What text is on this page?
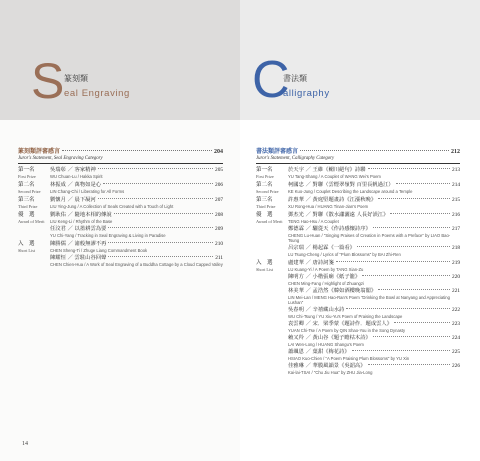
S 篆刻類
eal Engraving
篆刻類評審感言	204
Juror's Statement, Seal Engraving Category
第一名
First Prize
吳瑞彰 ／ 客家精神	205
WU Chuan-Lu / Hakka Spirit
第二名
Second Prize
林振成 ／ 萬物如是心	206
LIN Chang-Chi / Liberating for All Forms
第三名
Third Prize
劉懷月 ／ 晨下凝河	207
LIU Ying-Jung / A Collection of Seals Created with a Touch of Light
優　選
Award of Merit
劉耿佑 ／ 隨地本相的傳說	208
LIU Keng-Li / Rhythm of the Base
任汶君 ／ 以墨耕雲為要	209
YU Chi-Yang / Tracking in Seal Engraving & Living in Paradise
入　選
Short List
陳勝儒 ／ 諸般無謬不再	210
CHEN Sheng-Ti / Zhuge Liang Commandment Book
陳耀恒 ／ 雲駐山谷回聲	211
CHEN Chien-Hua / A Work of Seal Engraving of a Buddha Cottage by a Cloud Capped Valley
14
C
書法類
alligraphy
書法類評審感言	212
Juror's Statement, Calligraphy Category
第一名
First Prize
於天宇 ／ 王維《輞川絕句》詩聯	213
YU Tang-Shang / A Couplet of WANG Wei's Poem
第二名
Second Prize
柯國忠 ／ 對聯（雲煙翠嶺對 百里長帆過江）	214
KE Kuo-Jung / Couplet Describing the Landscape around a Temple
第三名
Third Prize
許惠華 ／ 黃庭堅題畫詩《江漲秋晚》	215
XU Rong-Hua / HUANG Tinan-Jian's Poem
優　選
Award of Merit
鄧杰光 ／ 對聯《散水瀟灑遠 人長好誤江》	216
TENG Hao-Hsu / A Couplet
鄭德霖 ／ 驪從天《作詩感懷詩序》	217
CHENG Lu-Huan / "Singing Praises of Creation in Poems with a Preface" by LIAO Bao-Tsung
呂宗瑞 ／ 楊起霖《一篇看》	218
LU Tsung-Cheng / Lyrics of "Plum Blossoms" by BAI Zhi-Ren
入　選
Short List
盧建華 ／ 唐詩詞箋	219
LU Kuang-Yi / A Poem by TANG Xian-Zu
陳明方 ／ 小楷張廟《紙子籠》	220
CHEN Ming-Fang / Highlight of Zhuangzi
林美華 ／ 孟浩然《韓如酒樓晚翁閣》	221
LIN Mei-Lan / MENG Hao-Ran's Poem "Drinking the Bowl at Nanyang and Appreciating Lushan"
吳春明 ／ 辛禧藏山水詩	222
WU Chi-Tsung / YU Xiu-Yu's Poem of Praising the Landscape
袁雲卿 ／ 宋．梁季蒙《題詩作．題成雲人》	223
YUAN Chi-Tse / A Poem by QIN Shao-You in the Song Dynasty
賴又羚 ／ 黃山谷《題子瞻枯木詩》	224
LAI Wen-Long / HUANG Shangu's Poem
蕭颯恩 ／ 葉甜《梅花詩》	225
HSIAO Kuo-Chien / "A Poem Praising Plum Blossoms" by YU Xin
佳雅琳 ／ 華膜風韻景《吳韶高》	226
Kai-lai-TSAI / "Chu Jiu Hua" by ZHU Jia-Long
